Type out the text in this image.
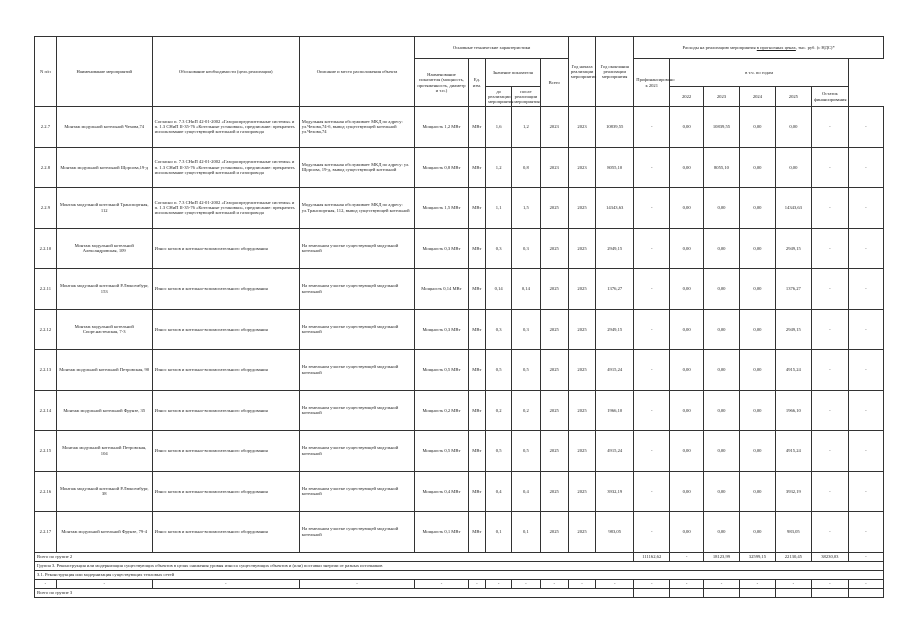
N п/п	Наименование мероприятий	Обоснование необходимости (цель реализации)	Описание и место расположения объекта	Основные технические характеристики					Год начала реализации мероприятия	Год окончания реализации мероприятия	Расходы на реализацию мероприятия в прогнозных ценах, тыс. руб. (с НДС)*						
				Наименование показателя (мощность, протяженность, диаметр и т.п.)	Ед. изм.	Значение показателя		Всего			Профинансировано к 2021	в т.ч. по годам					
						до реализации мероприятия	после реализации мероприятия					2022	2023	2024	2025	Остаток финансирования	
2.2.7	Монтаж модульной котельной Чехова,74	Согласно п. 7.3 СНиП 42-01-2002 «Газораспределительные системы» и п. 1.3 СНиП II-35-76 «Котельные установки», предписание: прекратить использование существующей котельной и газопровода	Модульная котельная обслуживает МКД по адресу: ул.Чехова,74-б, вывод существующей котельной ул.Чехова,74	Мощность 1,2 МВт	МВт	1,6	1,2	2023	2023	10839,55	-	0,00	10839,55	0,00	0,00	-	-
2.2.8	Монтаж модульной котельной Щорсова,19-д	Согласно п. 7.3 СНиП 42-01-2002 «Газораспределительные системы» и п. 1.3 СНиП II-35-76 «Котельные установки», предписание: прекратить использование существующей котельной и газопровода	Модульная котельная обслуживает МКД по адресу: ул. Щорсова, 19-д, вывод существующей котельной	Мощность 0,8 МВт	МВт	1,2	0,8	2023	2023	8055,10	-	0,00	8055,10	0,00	0,00	-	-
2.2.9	Монтаж модульной котельной Транспортная, 112	Согласно п. 7.3 СНиП 42-01-2002 «Газораспределительные системы» и п. 1.3 СНиП II-35-76 «Котельные установки», предписание: прекратить использование существующей котельной и газопровода	Модульная котельная обслуживает МКД по адресу: ул.Транспортная, 112, вывод существующей котельной	Мощность 1,5 МВт	МВт	1,1	1,5	2025	2025	14343,63	-	0,00	0,00	0,00	14343,63	-	-
2.2.10	Монтаж модульной котельной Александровская, 109	Износ котлов и котельно-вспомогательного оборудования	На земельном участке существующей модульной котельной	Мощность 0,3 МВт	МВт	0,3	0,3	2025	2025	2949,15	-	0,00	0,00	0,00	2949,15	-	-
2.2.11	Монтаж модульной котельной Р.Люксембург, 153	Износ котлов и котельно-вспомогательного оборудования	На земельном участке существующей модульной котельной	Мощность 0,14 МВт	МВт	0,14	0,14	2025	2025	1376,27	-	0,00	0,00	0,00	1376,27	-	-
2.2.12	Монтаж модульной котельной Спорт.настенская, 7-3	Износ котлов и котельно-вспомогательного оборудования	На земельном участке существующей модульной котельной	Мощность 0,3 МВт	МВт	0,3	0,3	2025	2025	2949,15	-	0,00	0,00	0,00	2949,15	-	-
2.2.13	Монтаж модульной котельной Петровская, 90	Износ котлов и котельно-вспомогательного оборудования	На земельном участке существующей модульной котельной	Мощность 0,5 МВт	МВт	0,5	0,5	2025	2025	4915,24	-	0,00	0,00	0,00	4915,24	-	-
2.2.14	Монтаж модульной котельной Фрунзе, 35	Износ котлов и котельно-вспомогательного оборудования	На земельном участке существующей модульной котельной	Мощность 0,2 МВт	МВт	0,2	0,2	2025	2025	1966,10	-	0,00	0,00	0,00	1966,10	-	-
2.2.15	Монтаж модульной котельной Петровская, 104	Износ котлов и котельно-вспомогательного оборудования	На земельном участке существующей модульной котельной	Мощность 0,5 МВт	МВт	0,5	0,5	2025	2025	4915,24	-	0,00	0,00	0,00	4915,24	-	-
2.2.16	Монтаж модульной котельной Р.Люксембург, 38	Износ котлов и котельно-вспомогательного оборудования	На земельном участке существующей модульной котельной	Мощность 0,4 МВт	МВт	0,4	0,4	2025	2025	3932,19	-	0,00	0,00	0,00	3932,19	-	-
2.2.17	Монтаж модульной котельной Фрунзе, 79-4	Износ котлов и котельно-вспомогательного оборудования	На земельном участке существующей модульной котельной	Мощность 0,1 МВт	МВт	0,1	0,1	2025	2025	983,05	-	0,00	0,00	0,00	983,05	-	-
Всего по группе 2											111162,62	-	18123,99	32599,15	22130,45	38230,03	-
Группа 3. Реконструкция или модернизация существующих объектов в целях снижения уровня износа существующих объектов и (или) поставки энергии от разных источников																	
3.1. Реконструкция или модернизация существующих тепловых сетей																	
-	-	-	-	-	-	-	-	-	-	-	-	-	-	-	-	-	-
Всего по группе 3																	
